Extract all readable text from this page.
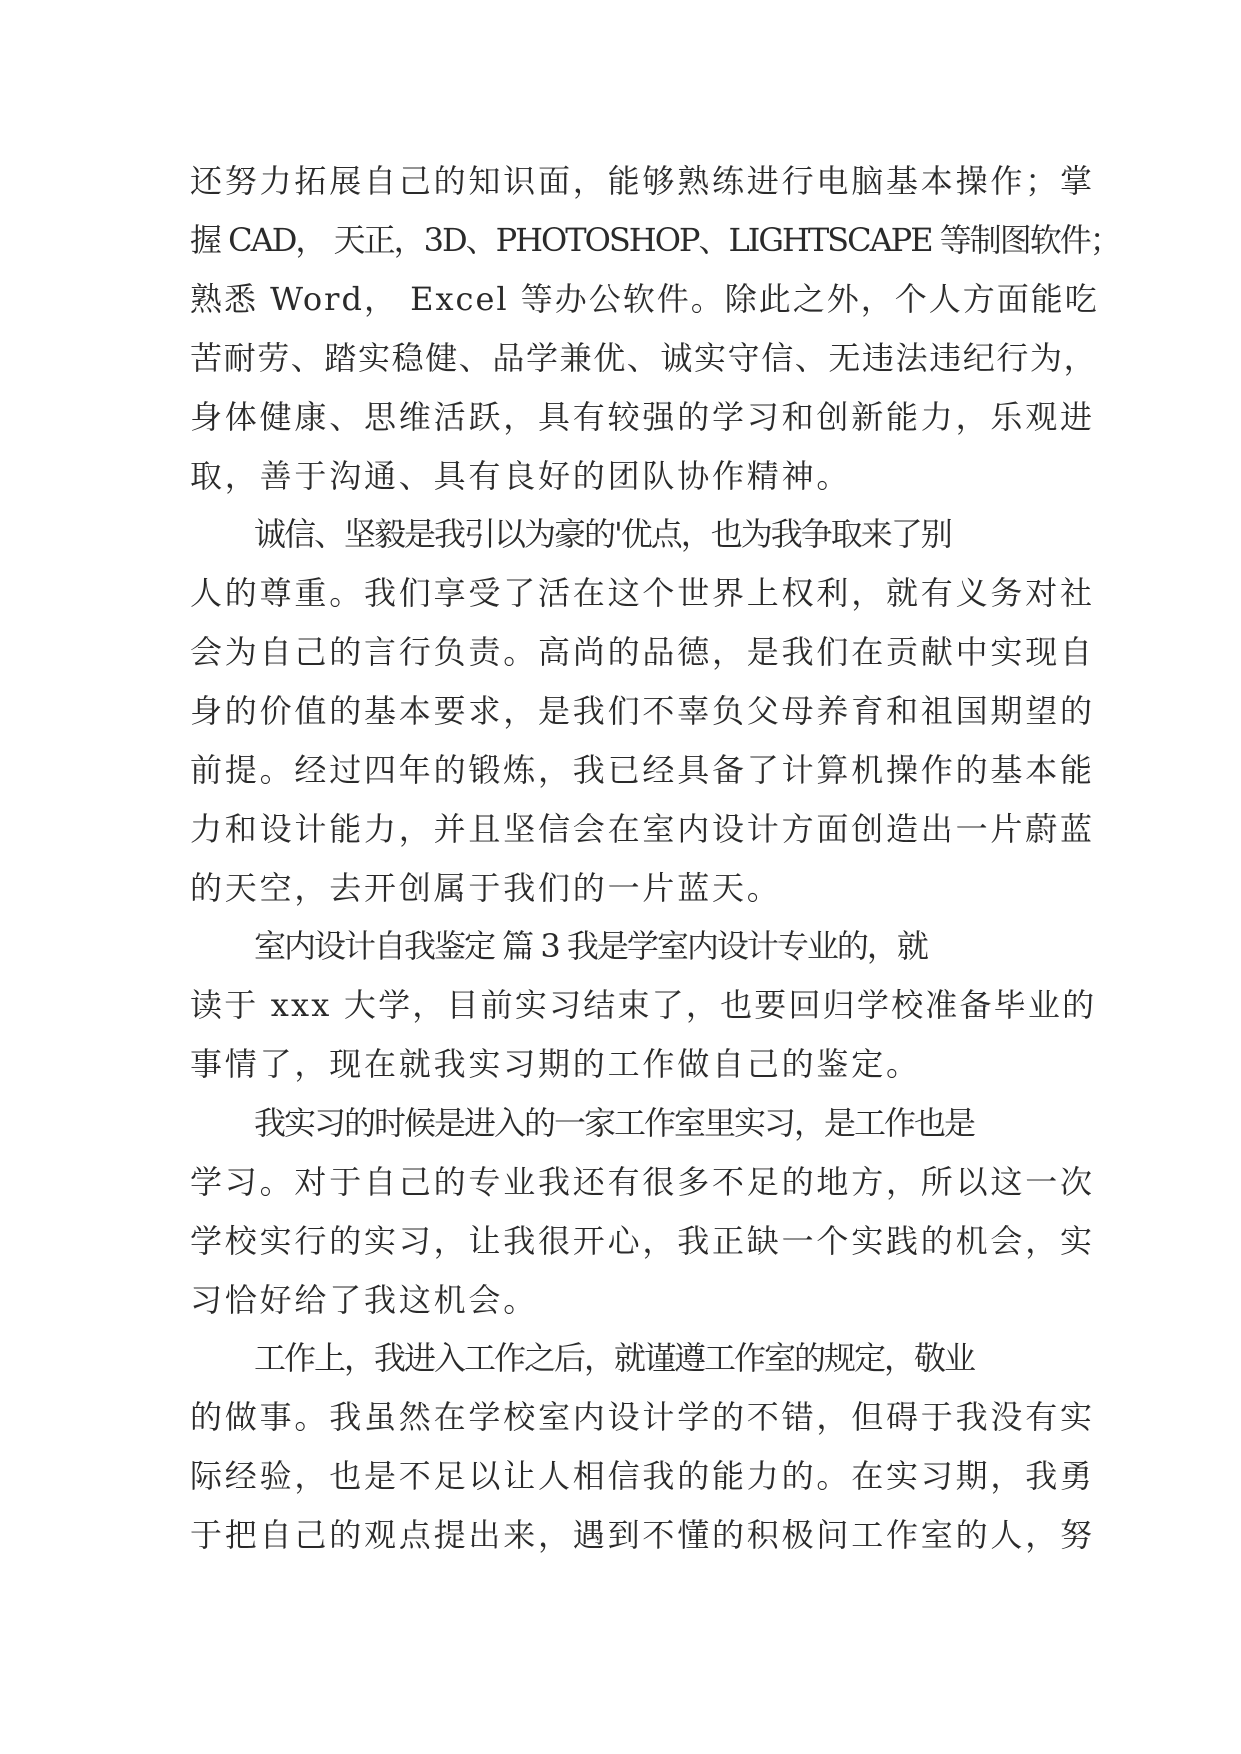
还努力拓展自己的知识面，能够熟练进行电脑基本操作；掌
握 CAD， 天正，3D、PHOTOSHOP、LIGHTSCAPE 等制图软件；
熟悉 Word， Excel 等办公软件。除此之外，个人方面能吃
苦耐劳、踏实稳健、品学兼优、诚实守信、无违法违纪行为，
身体健康、思维活跃，具有较强的学习和创新能力，乐观进
取，善于沟通、具有良好的团队协作精神。
诚信、坚毅是我引以为豪的'优点，也为我争取来了别
人的尊重。我们享受了活在这个世界上权利，就有义务对社
会为自己的言行负责。高尚的品德，是我们在贡献中实现自
身的价值的基本要求，是我们不辜负父母养育和祖国期望的
前提。经过四年的锻炼，我已经具备了计算机操作的基本能
力和设计能力，并且坚信会在室内设计方面创造出一片蔚蓝
的天空，去开创属于我们的一片蓝天。
室内设计自我鉴定 篇 3 我是学室内设计专业的，就
读于 xxx 大学，目前实习结束了，也要回归学校准备毕业的
事情了，现在就我实习期的工作做自己的鉴定。
我实习的时候是进入的一家工作室里实习，是工作也是
学习。对于自己的专业我还有很多不足的地方，所以这一次
学校实行的实习，让我很开心，我正缺一个实践的机会，实
习恰好给了我这机会。
工作上，我进入工作之后，就谨遵工作室的规定，敬业
的做事。我虽然在学校室内设计学的不错，但碍于我没有实
际经验，也是不足以让人相信我的能力的。在实习期，我勇
于把自己的观点提出来，遇到不懂的积极问工作室的人，努
